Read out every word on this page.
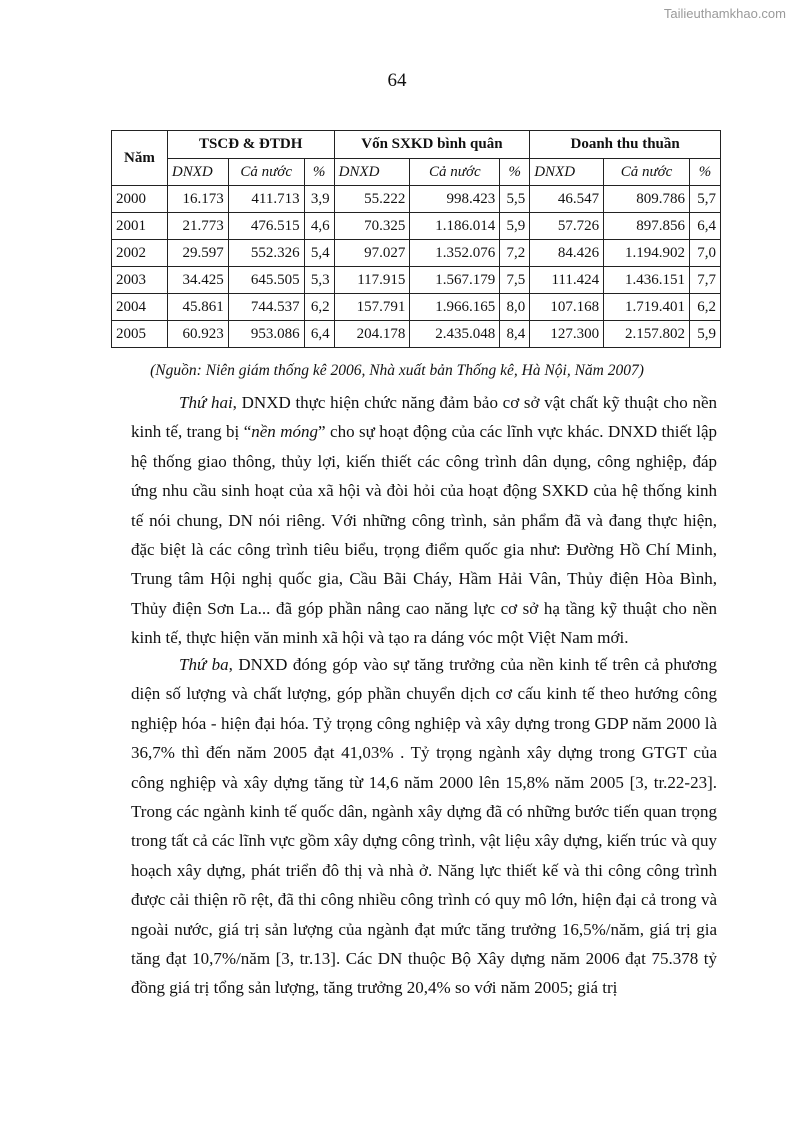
Tailieuthamkhao.com
64
Năm	TSCĐ & ĐTDH			Vốn SXKD bình quân			Doanh thu thuần		
	DNXD	Cả nước	%	DNXD	Cả nước	%	DNXD	Cả nước	%
2000	16.173	411.713	3,9	55.222	998.423	5,5	46.547	809.786	5,7
2001	21.773	476.515	4,6	70.325	1.186.014	5,9	57.726	897.856	6,4
2002	29.597	552.326	5,4	97.027	1.352.076	7,2	84.426	1.194.902	7,0
2003	34.425	645.505	5,3	117.915	1.567.179	7,5	111.424	1.436.151	7,7
2004	45.861	744.537	6,2	157.791	1.966.165	8,0	107.168	1.719.401	6,2
2005	60.923	953.086	6,4	204.178	2.435.048	8,4	127.300	2.157.802	5,9
(Nguồn: Niên giám thống kê 2006, Nhà xuất bản Thống kê, Hà Nội, Năm 2007)

Thứ hai, DNXD thực hiện chức năng đảm bảo cơ sở vật chất kỹ thuật cho nền kinh tế, trang bị “nền móng” cho sự hoạt động của các lĩnh vực khác. DNXD thiết lập hệ thống giao thông, thủy lợi, kiến thiết các công trình dân dụng, công nghiệp, đáp ứng nhu cầu sinh hoạt của xã hội và đòi hỏi của hoạt động SXKD của hệ thống kinh tế nói chung, DN nói riêng. Với những công trình, sản phẩm đã và đang thực hiện, đặc biệt là các công trình tiêu biểu, trọng điểm quốc gia như: Đường Hồ Chí Minh, Trung tâm Hội nghị quốc gia, Cầu Bãi Cháy, Hầm Hải Vân, Thủy điện Hòa Bình, Thủy điện Sơn La... đã góp phần nâng cao năng lực cơ sở hạ tầng kỹ thuật cho nền kinh tế, thực hiện văn minh xã hội và tạo ra dáng vóc một Việt Nam mới.

Thứ ba, DNXD đóng góp vào sự tăng trưởng của nền kinh tế trên cả phương diện số lượng và chất lượng, góp phần chuyển dịch cơ cấu kinh tế theo hướng công nghiệp hóa - hiện đại hóa. Tỷ trọng công nghiệp và xây dựng trong GDP năm 2000 là 36,7% thì đến năm 2005 đạt 41,03% . Tỷ trọng ngành xây dựng trong GTGT của công nghiệp và xây dựng tăng từ 14,6 năm 2000 lên 15,8% năm 2005 [3, tr.22-23]. Trong các ngành kinh tế quốc dân, ngành xây dựng đã có những bước tiến quan trọng trong tất cả các lĩnh vực gồm xây dựng công trình, vật liệu xây dựng, kiến trúc và quy hoạch xây dựng, phát triển đô thị và nhà ở. Năng lực thiết kế và thi công công trình được cải thiện rõ rệt, đã thi công nhiều công trình có quy mô lớn, hiện đại cả trong và ngoài nước, giá trị sản lượng của ngành đạt mức tăng trưởng 16,5%/năm, giá trị gia tăng đạt 10,7%/năm [3, tr.13]. Các DN thuộc Bộ Xây dựng năm 2006 đạt 75.378 tỷ đồng giá trị tổng sản lượng, tăng trưởng 20,4% so với năm 2005; giá trị
